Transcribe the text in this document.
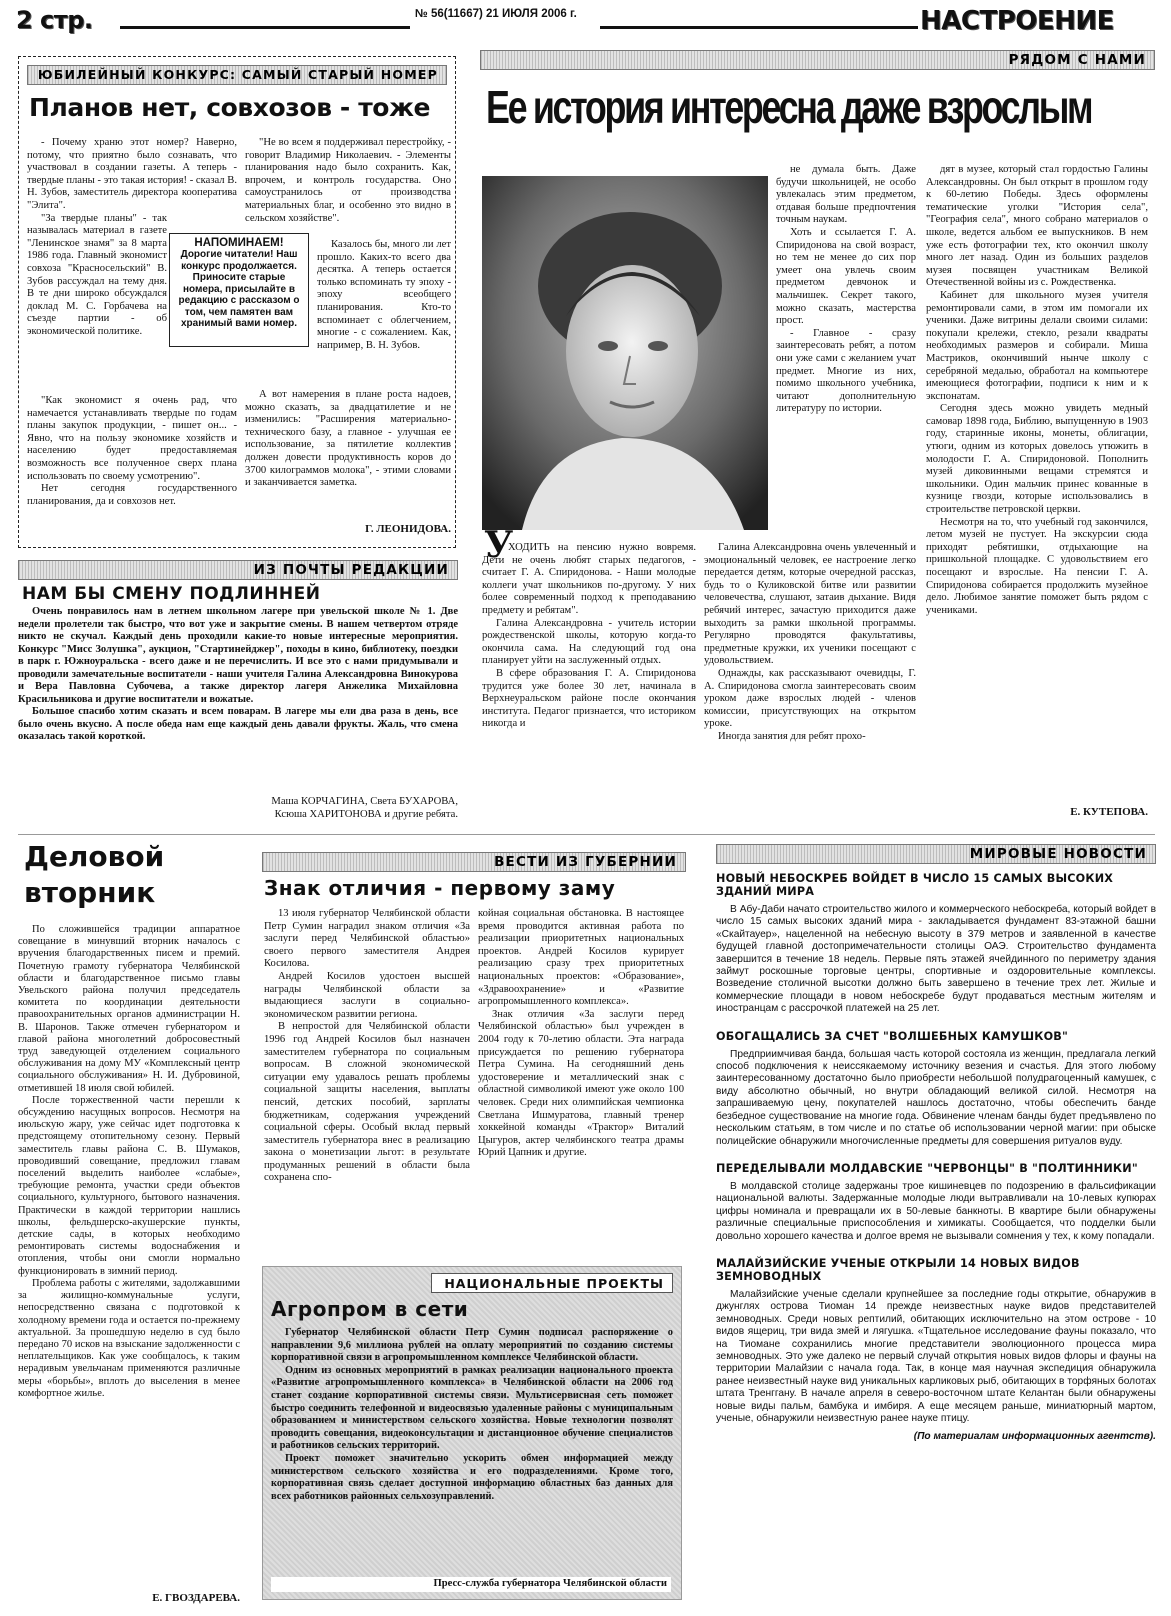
2 стр.	№ 56(11667) 21 ИЮЛЯ 2006 г.	НАСТРОЕНИЕ
ЮБИЛЕЙНЫЙ КОНКУРС: САМЫЙ СТАРЫЙ НОМЕР
Планов нет, совхозов - тоже

- Почему храню этот номер? Наверно, потому, что приятно было сознавать, что участвовал в создании газеты. А теперь - твердые планы - это такая история! - сказал В. Н. Зубов, заместитель директора кооператива "Элита".

"За твердые планы" - так называлась материал в газете "Ленинское знамя" за 8 марта 1986 года. Главный экономист совхоза "Красносельский" В. Зубов рассуждал на тему дня. В те дни широко обсуждался доклад М. С. Горбачева на съезде партии - об экономической политике.

"Как экономист я очень рад, что намечается устанавливать твердые по годам планы закупок продукции, - пишет он... - Явно, что на пользу экономике хозяйств и населению будет предоставляемая возможность все полученное сверх плана использовать по своему усмотрению".

Нет сегодня государственного планирования, да и совхозов нет.

"Не во всем я поддерживал перестройку, - говорит Владимир Николаевич. - Элементы планирования надо было сохранить. Как, впрочем, и контроль государства. Оно самоустранилось от производства материальных благ, и особенно это видно в сельском хозяйстве".

НАПОМИНАЕМ!
Дорогие читатели! Наш конкурс продолжается. Приносите старые номера, присылайте в редакцию с рассказом о том, чем памятен вам хранимый вами номер.

Казалось бы, много ли лет прошло. Каких-то всего два десятка. А теперь остается только вспоминать ту эпоху - эпоху всеобщего планирования. Кто-то вспоминает с облегчением, многие - с сожалением. Как, например, В. Н. Зубов.

А вот намерения в плане роста надоев, можно сказать, за двадцатилетие и не изменились: "Расширения материально-технического базу, а главное - улучшая ее использование, за пятилетие коллектив должен довести продуктивность коров до 3700 килограммов молока", - этими словами и заканчивается заметка.

Г. ЛЕОНИДОВА.
ИЗ ПОЧТЫ РЕДАКЦИИ
НАМ БЫ СМЕНУ ПОДЛИННЕЙ

Очень понравилось нам в летнем школьном лагере при увельской школе № 1. Две недели пролетели так быстро, что вот уже и закрытие смены. В нашем четвертом отряде никто не скучал. Каждый день проходили какие-то новые интересные мероприятия. Конкурс "Мисс Золушка", аукцион, "Стартинейджер", походы в кино, библиотеку, поездки в парк г. Южноуральска - всего даже и не перечислить. И все это с нами придумывали и проводили замечательные воспитатели - наши учителя Галина Александровна Винокурова и Вера Павловна Субочева, а также директор лагеря Анжелика Михайловна Красильникова и другие воспитатели и вожатые.

Большое спасибо хотим сказать и всем поварам. В лагере мы ели два раза в день, все было очень вкусно. А после обеда нам еще каждый день давали фрукты. Жаль, что смена оказалась такой короткой.

Маша КОРЧАГИНА, Света БУХАРОВА,
Ксюша ХАРИТОНОВА и другие ребята.
РЯДОМ С НАМИ
Ее история интересна даже взрослым
У

ХОДИТЬ на пенсию нужно вовремя. Дети не очень любят старых педагогов, - считает Г. А. Спиридонова. - Наши молодые коллеги учат школьников по-другому. У них более современный подход к преподаванию предмету и ребятам".

Галина Александровна - учитель истории рождественской школы, которую когда-то окончила сама. На следующий год она планирует уйти на заслуженный отдых.

В сфере образования Г. А. Спиридонова трудится уже более 30 лет, начинала в Верхнеуральском районе после окончания института. Педагог признается, что историком никогда и

не думала быть. Даже будучи школьницей, не особо увлекалась этим предметом, отдавая больше предпочтения точным наукам.

Хоть и ссылается Г. А. Спиридонова на свой возраст, но тем не менее до сих пор умеет она увлечь своим предметом девчонок и мальчишек. Секрет такого, можно сказать, мастерства прост.

- Главное - сразу заинтересовать ребят, а потом они уже сами с желанием учат предмет. Многие из них, помимо школьного учебника, читают дополнительную литературу по истории.

Галина Александровна очень увлеченный и эмоциональный человек, ее настроение легко передается детям, которые очередной рассказ, будь то о Куликовской битве или развитии человечества, слушают, затаив дыхание. Видя ребячий интерес, зачастую приходится даже выходить за рамки школьной программы. Регулярно проводятся факультативы, предметные кружки, их ученики посещают с удовольствием.

Однажды, как рассказывают очевидцы, Г. А. Спиридонова смогла заинтересовать своим уроком даже взрослых людей - членов комиссии, присутствующих на открытом уроке.

Иногда занятия для ребят прохо-

дят в музее, который стал гордостью Галины Александровны. Он был открыт в прошлом году к 60-летию Победы. Здесь оформлены тематические уголки "История села", "География села", много собрано материалов о школе, ведется альбом ее выпускников. В нем уже есть фотографии тех, кто окончил школу много лет назад. Один из больших разделов музея посвящен участникам Великой Отечественной войны из с. Рождественка.

Кабинет для школьного музея учителя ремонтировали сами, в этом им помогали их ученики. Даже витрины делали своими силами: покупали крележи, стекло, резали квадраты необходимых размеров и собирали. Миша Мастриков, окончивший нынче школу с серебряной медалью, обработал на компьютере имеющиеся фотографии, подписи к ним и к экспонатам.

Сегодня здесь можно увидеть медный самовар 1898 года, Библию, выпущенную в 1903 году, старинные иконы, монеты, облигации, утюги, одним из которых довелось утюжить в молодости Г. А. Спиридоновой. Пополнить музей диковинными вещами стремятся и школьники. Один мальчик принес кованные в кузнице гвозди, которые использовались в строительстве петровской церкви.

Несмотря на то, что учебный год закончился, летом музей не пустует. На экскурсии сюда приходят ребятишки, отдыхающие на пришкольной площадке. С удовольствием его посещают и взрослые. На пенсии Г. А. Спиридонова собирается продолжить музейное дело. Любимое занятие поможет быть рядом с учениками.

Е. КУТЕПОВА.
Деловой
вторник

По сложившейся традиции аппаратное совещание в минувший вторник началось с вручения благодарственных писем и премий. Почетную грамоту губернатора Челябинской области и благодарственное письмо главы Увельского района получил председатель комитета по координации деятельности правоохранительных органов администрации Н. В. Шаронов. Также отмечен губернатором и главой района многолетний добросовестный труд заведующей отделением социального обслуживания на дому МУ «Комплексный центр социального обслуживания» Н. И. Дубровиной, отметившей 18 июля свой юбилей.

После торжественной части перешли к обсуждению насущных вопросов. Несмотря на июльскую жару, уже сейчас идет подготовка к предстоящему отопительному сезону. Первый заместитель главы района С. В. Шумаков, проводивший совещание, предложил главам поселений выделить наиболее «слабые», требующие ремонта, участки среди объектов социального, культурного, бытового назначения. Практически в каждой территории нашлись школы, фельдшерско-акушерские пункты, детские сады, в которых необходимо ремонтировать системы водоснабжения и отопления, чтобы они смогли нормально функционировать в зимний период.

Проблема работы с жителями, задолжавшими за жилищно-коммунальные услуги, непосредственно связана с подготовкой к холодному времени года и остается по-прежнему актуальной. За прошедшую неделю в суд было передано 70 исков на взыскание задолженности с неплательщиков. Как уже сообщалось, к таким нерадивым увельчанам применяются различные меры «борьбы», вплоть до выселения в менее комфортное жилье.

Е. ГВОЗДАРЕВА.
ВЕСТИ ИЗ ГУБЕРНИИ
Знак отличия - первому заму

13 июля губернатор Челябинской области Петр Сумин наградил знаком отличия «За заслуги перед Челябинской областью» своего первого заместителя Андрея Косилова.

Андрей Косилов удостоен высшей награды Челябинской области за выдающиеся заслуги в социально-экономическом развитии региона.

В непростой для Челябинской области 1996 год Андрей Косилов был назначен заместителем губернатора по социальным вопросам. В сложной экономической ситуации ему удавалось решать проблемы социальной защиты населения, выплаты пенсий, детских пособий, зарплаты бюджетникам, содержания учреждений социальной сферы. Особый вклад первый заместитель губернатора внес в реализацию закона о монетизации льгот: в результате продуманных решений в области была сохранена спо-

койная социальная обстановка. В настоящее время проводится активная работа по реализации приоритетных национальных проектов. Андрей Косилов курирует реализацию сразу трех приоритетных национальных проектов: «Образование», «Здравоохранение» и «Развитие агропромышленного комплекса».

Знак отличия «За заслуги перед Челябинской областью» был учрежден в 2004 году к 70-летию области. Эта награда присуждается по решению губернатора Петра Сумина. На сегодняшний день удостоверение и металлический знак с областной символикой имеют уже около 100 человек. Среди них олимпийская чемпионка Светлана Ишмуратова, главный тренер хоккейной команды «Трактор» Виталий Цыгуров, актер челябинского театра драмы Юрий Цапник и другие.

НАЦИОНАЛЬНЫЕ ПРОЕКТЫ
Агропром в сети

Губернатор Челябинской области Петр Сумин подписал распоряжение о направлении 9,6 миллиона рублей на оплату мероприятий по созданию системы корпоративной связи в агропромышленном комплексе Челябинской области.

Одним из основных мероприятий в рамках реализации национального проекта «Развитие агропромышленного комплекса» в Челябинской области на 2006 год станет создание корпоративной системы связи. Мультисервисная сеть поможет быстро соединить телефонной и видеосвязью удаленные районы с муниципальным образованием и министерством сельского хозяйства. Новые технологии позволят проводить совещания, видеоконсультации и дистанционное обучение специалистов и работников сельских территорий.

Проект поможет значительно ускорить обмен информацией между министерством сельского хозяйства и его подразделениями. Кроме того, корпоративная связь сделает доступной информацию областных баз данных для всех работников районных сельхозуправлений.

Пресс-служба губернатора Челябинской области
МИРОВЫЕ НОВОСТИ
НОВЫЙ НЕБОСКРЕБ ВОЙДЕТ В ЧИСЛО 15 САМЫХ ВЫСОКИХ ЗДАНИЙ МИРА

В Абу-Даби начато строительство жилого и коммерческого небоскреба, который войдет в число 15 самых высоких зданий мира - закладывается фундамент 83-этажной башни «Скайтауер», нацеленной на небесную высоту в 379 метров и заявленной в качестве будущей главной достопримечательности столицы ОАЭ. Строительство фундамента завершится в течение 18 недель. Первые пять этажей ячейдинного по периметру здания займут роскошные торговые центры, спортивные и оздоровительные комплексы. Возведение столичной высотки должно быть завершено в течение трех лет. Жилые и коммерческие площади в новом небоскребе будут продаваться местным жителям и иностранцам с рассрочкой платежей на 25 лет.

ОБОГАЩАЛИСЬ ЗА СЧЕТ "ВОЛШЕБНЫХ КАМУШКОВ"

Предприимчивая банда, большая часть которой состояла из женщин, предлагала легкий способ подключения к неиссякаемому источнику везения и счастья. Для этого любому заинтересованному достаточно было приобрести небольшой полудрагоценный камушек, с виду абсолютно обычный, но внутри обладающий великой силой. Несмотря на запрашиваемую цену, покупателей нашлось достаточно, чтобы обеспечить банде безбедное существование на многие года. Обвинение членам банды будет предъявлено по нескольким статьям, в том числе и по статье об использовании черной магии: при обыске полицейские обнаружили многочисленные предметы для совершения ритуалов вуду.

ПЕРЕДЕЛЫВАЛИ МОЛДАВСКИЕ "ЧЕРВОНЦЫ" В "ПОЛТИННИКИ"

В молдавской столице задержаны трое кишиневцев по подозрению в фальсификации национальной валюты. Задержанные молодые люди вытравливали на 10-левых купюрах цифры номинала и превращали их в 50-левые банкноты. В квартире были обнаружены различные специальные приспособления и химикаты. Сообщается, что подделки были довольно хорошего качества и долгое время не вызывали сомнения у тех, к кому попадали.

МАЛАЙЗИЙСКИЕ УЧЕНЫЕ ОТКРЫЛИ 14 НОВЫХ ВИДОВ ЗЕМНОВОДНЫХ

Малайзийские ученые сделали крупнейшее за последние годы открытие, обнаружив в джунглях острова Тиоман 14 прежде неизвестных науке видов представителей земноводных. Среди новых рептилий, обитающих исключительно на этом острове - 10 видов ящериц, три вида змей и лягушка. «Тщательное исследование фауны показало, что на Тиомане сохранились многие представители эволюционного процесса мира земноводных. Это уже далеко не первый случай открытия новых видов флоры и фауны на территории Малайзии с начала года. Так, в конце мая научная экспедиция обнаружила ранее неизвестный науке вид уникальных карликовых рыб, обитающих в торфяных болотах штата Тренггану. В начале апреля в северо-восточном штате Келантан были обнаружены новые виды пальм, бамбука и имбиря. А еще месяцем раньше, миниатюрный мартом, ученые, обнаружили неизвестную ранее науке птицу.

(По материалам информационных агентств).
